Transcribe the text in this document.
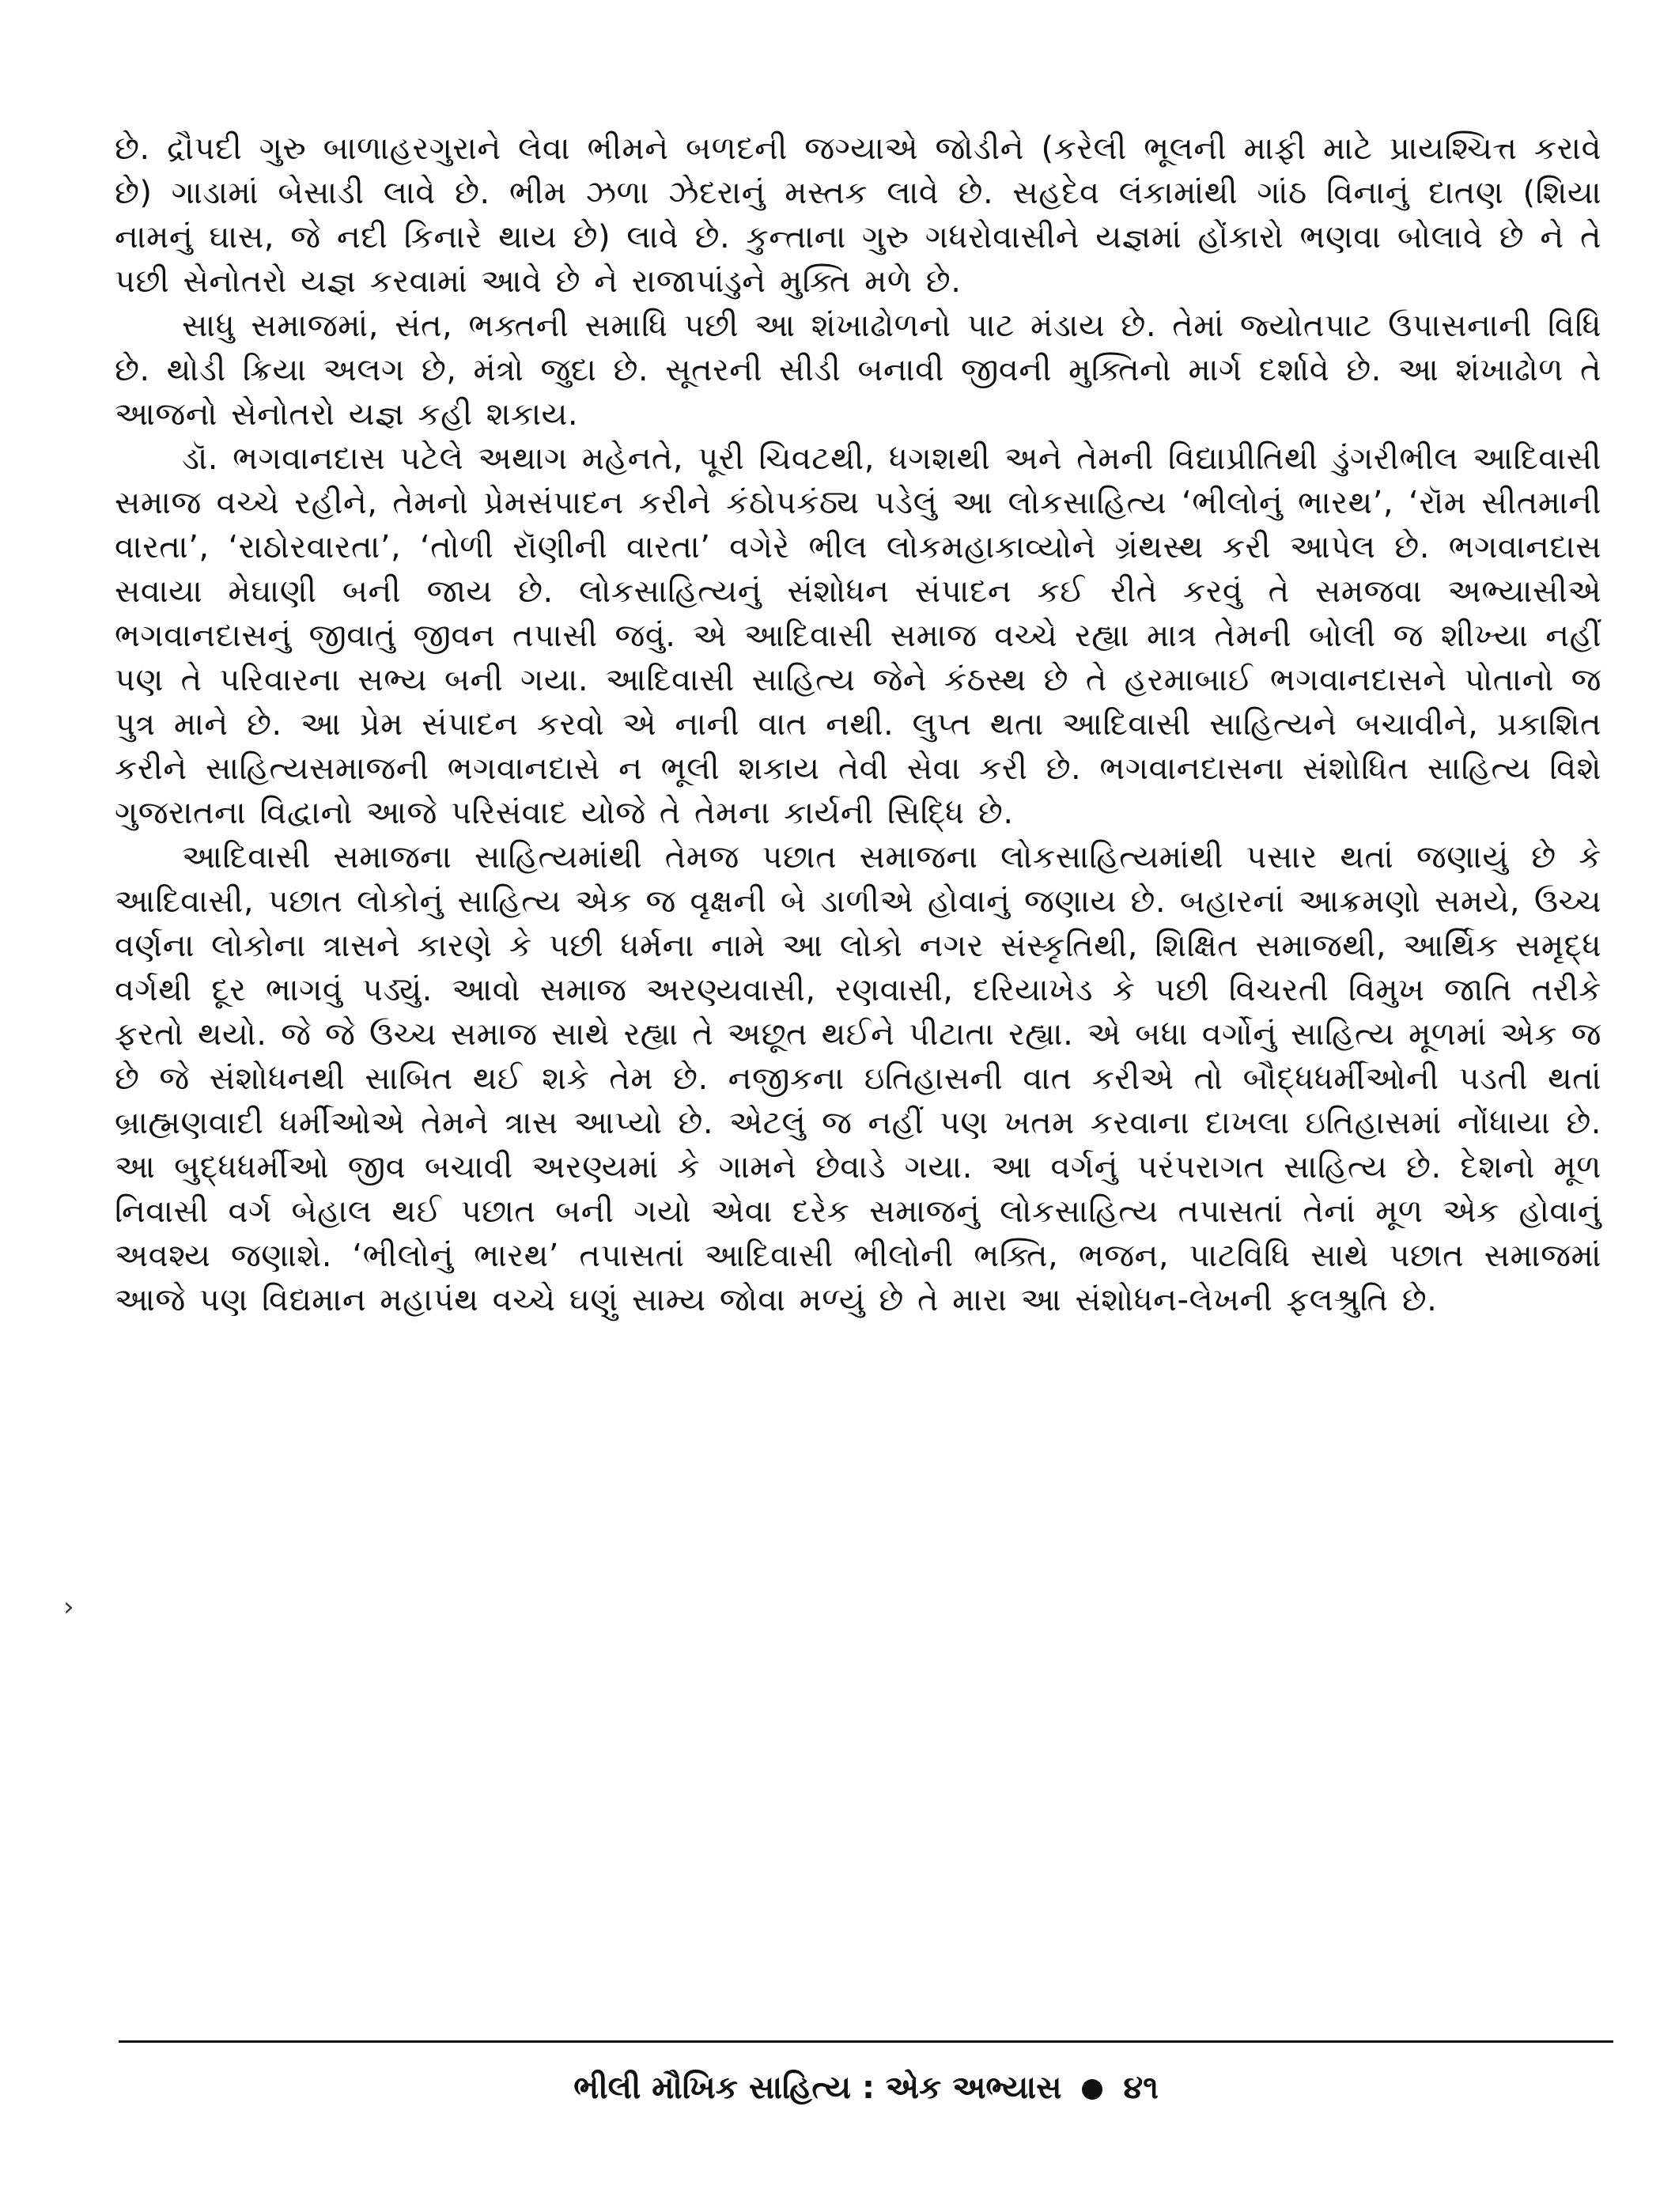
છે. દ્રૌપદી ગુરુ બાળાહરગુરાને લેવા ભીમને બળદની જગ્યાએ જોડીને (કરેલી ભૂલની માફી માટે પ્રાયશ્ચિત્ત કરાવે છે) ગાડામાં બેસાડી લાવે છે. ભીમ ઝળા ઝેદરાનું મસ્તક લાવે છે. સહદેવ લંકામાંથી ગાંઠ વિનાનું દાતણ (શિયા નામનું ઘાસ, જે નદી કિનારે થાય છે) લાવે છે. કુન્તાના ગુરુ ગધરોવાસીને યજ્ઞમાં હોંકારો ભણવા બોલાવે છે ને તે પછી સેનોતરો યજ્ઞ કરવામાં આવે છે ને રાજાપાંડુને મુક્તિ મળે છે.

સાધુ સમાજમાં, સંત, ભક્તની સમાધિ પછી આ શંખાઢોળનો પાટ મંડાય છે. તેમાં જ્યોતપાટ ઉપાસનાની વિધિ છે. થોડી ક્રિયા અલગ છે, મંત્રો જુદા છે. સૂતરની સીડી બનાવી જીવની મુક્તિનો માર્ગ દર્શાવે છે. આ શંખાઢોળ તે આજનો સેનોતરો યજ્ઞ કહી શકાય.

ડૉ. ભગવાનદાસ પટેલે અથાગ મહેનતે, પૂરી ચિવટથી, ધગશથી અને તેમની વિદ્યાપ્રીતિથી ડુંગરીભીલ આદિવાસી સમાજ વચ્ચે રહીને, તેમનો પ્રેમસંપાદન કરીને કંઠોપકંઠ્ય પડેલું આ લોકસાહિત્ય ‘ભીલોનું ભારથ’, ‘રૉમ સીતમાની વારતા’, ‘રાઠોરવારતા’, ‘તોળી રૉણીની વારતા’ વગેરે ભીલ લોકમહાકાવ્યોને ગ્રંથસ્થ કરી આપેલ છે. ભગવાનદાસ સવાયા મેઘાણી બની જાય છે. લોકસાહિત્યનું સંશોધન સંપાદન કઈ રીતે કરવું તે સમજવા અભ્યાસીએ ભગવાનદાસનું જીવાતું જીવન તપાસી જવું. એ આદિવાસી સમાજ વચ્ચે રહ્યા માત્ર તેમની બોલી જ શીખ્યા નહીં પણ તે પરિવારના સભ્ય બની ગયા. આદિવાસી સાહિત્ય જેને કંઠસ્થ છે તે હરમાબાઈ ભગવાનદાસને પોતાનો જ પુત્ર માને છે. આ પ્રેમ સંપાદન કરવો એ નાની વાત નથી. લુપ્ત થતા આદિવાસી સાહિત્યને બચાવીને, પ્રકાશિત કરીને સાહિત્યસમાજની ભગવાનદાસે ન ભૂલી શકાય તેવી સેવા કરી છે. ભગવાનદાસના સંશોધિત સાહિત્ય વિશે ગુજરાતના વિદ્વાનો આજે પરિસંવાદ યોજે તે તેમના કાર્યની સિદ્ધિ છે.

આદિવાસી સમાજના સાહિત્યમાંથી તેમજ પછાત સમાજના લોકસાહિત્યમાંથી પસાર થતાં જણાયું છે કે આદિવાસી, પછાત લોકોનું સાહિત્ય એક જ વૃક્ષની બે ડાળીએ હોવાનું જણાય છે. બહારનાં આક્રમણો સમયે, ઉચ્ચ વર્ણના લોકોના ત્રાસને કારણે કે પછી ધર્મના નામે આ લોકો નગર સંસ્કૃતિથી, શિક્ષિત સમાજથી, આર્થિક સમૃદ્ધ વર્ગથી દૂર ભાગવું પડ્યું. આવો સમાજ અરણ્યવાસી, રણવાસી, દરિયાખેડ કે પછી વિચરતી વિમુખ જાતિ તરીકે ફરતો થયો. જે જે ઉચ્ચ સમાજ સાથે રહ્યા તે અછૂત થઈને પીટાતા રહ્યા. એ બધા વર્ગોનું સાહિત્ય મૂળમાં એક જ છે જે સંશોધનથી સાબિત થઈ શકે તેમ છે. નજીકના ઇતિહાસની વાત કરીએ તો બૌદ્ધધર્મીઓની પડતી થતાં બ્રાહ્મણવાદી ધર્મીઓએ તેમને ત્રાસ આપ્યો છે. એટલું જ નહીં પણ ખતમ કરવાના દાખલા ઇતિહાસમાં નોંધાયા છે. આ બુદ્ધધર્મીઓ જીવ બચાવી અરણ્યમાં કે ગામને છેવાડે ગયા. આ વર્ગનું પરંપરાગત સાહિત્ય છે. દેશનો મૂળ નિવાસી વર્ગ બેહાલ થઈ પછાત બની ગયો એવા દરેક સમાજનું લોકસાહિત્ય તપાસતાં તેનાં મૂળ એક હોવાનું અવશ્ય જણાશે. ‘ભીલોનું ભારથ’ તપાસતાં આદિવાસી ભીલોની ભક્તિ, ભજન, પાટવિધિ સાથે પછાત સમાજમાં આજે પણ વિદ્યમાન મહાપંથ વચ્ચે ઘણું સામ્ય જોવા મળ્યું છે તે મારા આ સંશોધન-લેખની ફલશ્રુતિ છે.

›
ભીલી મૌખિક સાહિત્ય : એક અભ્યાસ ૪૧
